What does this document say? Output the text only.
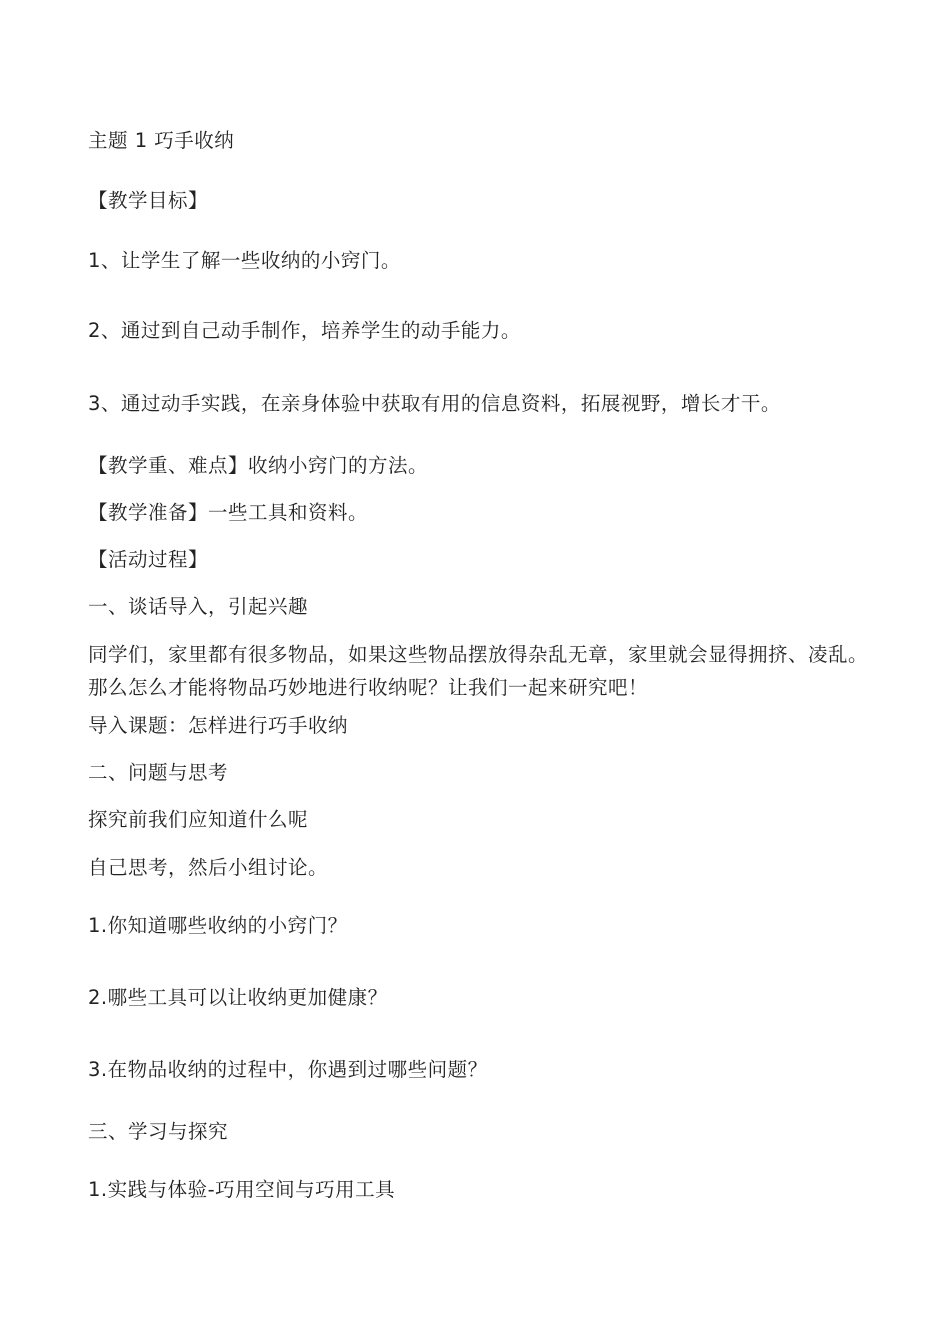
主题 1 巧手收纳
【教学目标】
1、让学生了解一些收纳的小窍门。
2、通过到自己动手制作，培养学生的动手能力。
3、通过动手实践，在亲身体验中获取有用的信息资料，拓展视野，增长才干。
【教学重、难点】收纳小窍门的方法。
【教学准备】一些工具和资料。
【活动过程】
一、谈话导入，引起兴趣
同学们，家里都有很多物品，如果这些物品摆放得杂乱无章，家里就会显得拥挤、凌乱。那么怎么才能将物品巧妙地进行收纳呢？让我们一起来研究吧！
导入课题：怎样进行巧手收纳
二、问题与思考
探究前我们应知道什么呢
自己思考，然后小组讨论。
1.你知道哪些收纳的小窍门？
2.哪些工具可以让收纳更加健康？
3.在物品收纳的过程中，你遇到过哪些问题？
三、学习与探究
1.实践与体验-巧用空间与巧用工具
